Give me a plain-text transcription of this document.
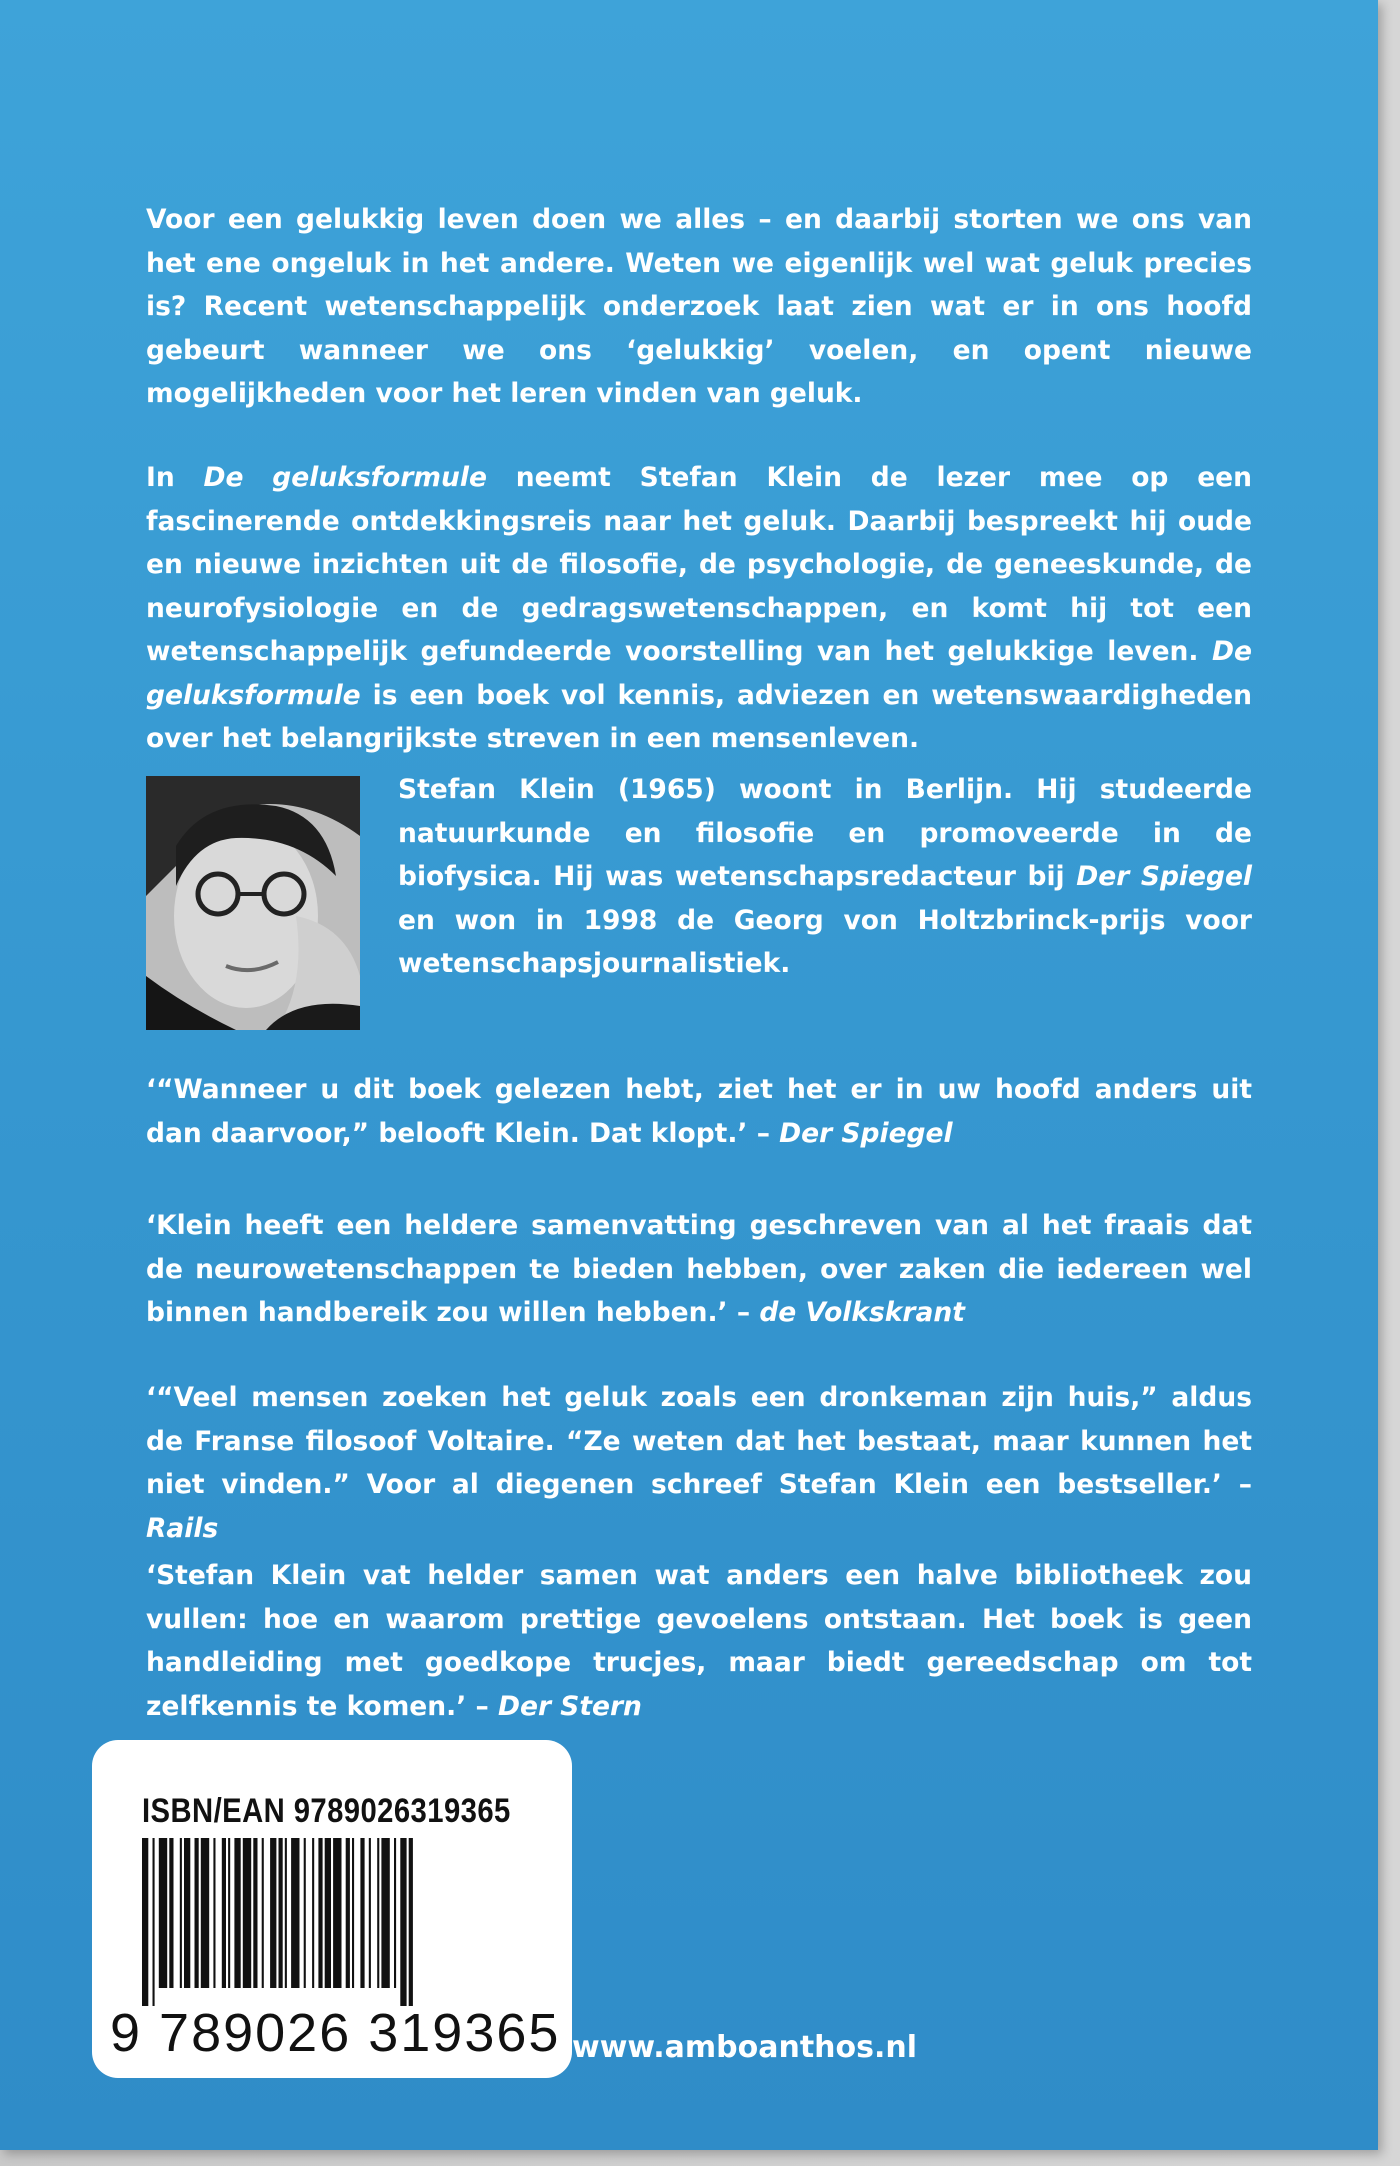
Voor een gelukkig leven doen we alles – en daarbij storten we ons van het ene ongeluk in het andere. Weten we eigenlijk wel wat geluk precies is? Recent wetenschappelijk onderzoek laat zien wat er in ons hoofd gebeurt wanneer we ons ‘gelukkig’ voelen, en opent nieuwe mogelijkheden voor het leren vinden van geluk.

In De geluksformule neemt Stefan Klein de lezer mee op een fascinerende ontdekkingsreis naar het geluk. Daarbij bespreekt hij oude en nieuwe inzichten uit de filosofie, de psychologie, de geneeskunde, de neurofysiologie en de gedragswetenschappen, en komt hij tot een wetenschappelijk gefundeerde voorstelling van het gelukkige leven. De geluksformule is een boek vol kennis, adviezen en wetenswaardigheden over het belangrijkste streven in een mensenleven.

Stefan Klein (1965) woont in Berlijn. Hij studeerde natuurkunde en filosofie en promoveerde in de biofysica. Hij was wetenschapsredacteur bij Der Spiegel en won in 1998 de Georg von Holtzbrinck-prijs voor wetenschapsjournalistiek.

‘“Wanneer u dit boek gelezen hebt, ziet het er in uw hoofd anders uit dan daarvoor,” belooft Klein. Dat klopt.’ – Der Spiegel

‘Klein heeft een heldere samenvatting geschreven van al het fraais dat de neurowetenschappen te bieden hebben, over zaken die iedereen wel binnen handbereik zou willen hebben.’ – de Volkskrant

‘“Veel mensen zoeken het geluk zoals een dronkeman zijn huis,” aldus de Franse filosoof Voltaire. “Ze weten dat het bestaat, maar kunnen het niet vinden.” Voor al diegenen schreef Stefan Klein een bestseller.’ – Rails

‘Stefan Klein vat helder samen wat anders een halve bibliotheek zou vullen: hoe en waarom prettige gevoelens ontstaan. Het boek is geen handleiding met goedkope trucjes, maar biedt gereedschap om tot zelfkennis te komen.’ – Der Stern

www.amboanthos.nl
ISBN/EAN 9789026319365
9 789026 319365
